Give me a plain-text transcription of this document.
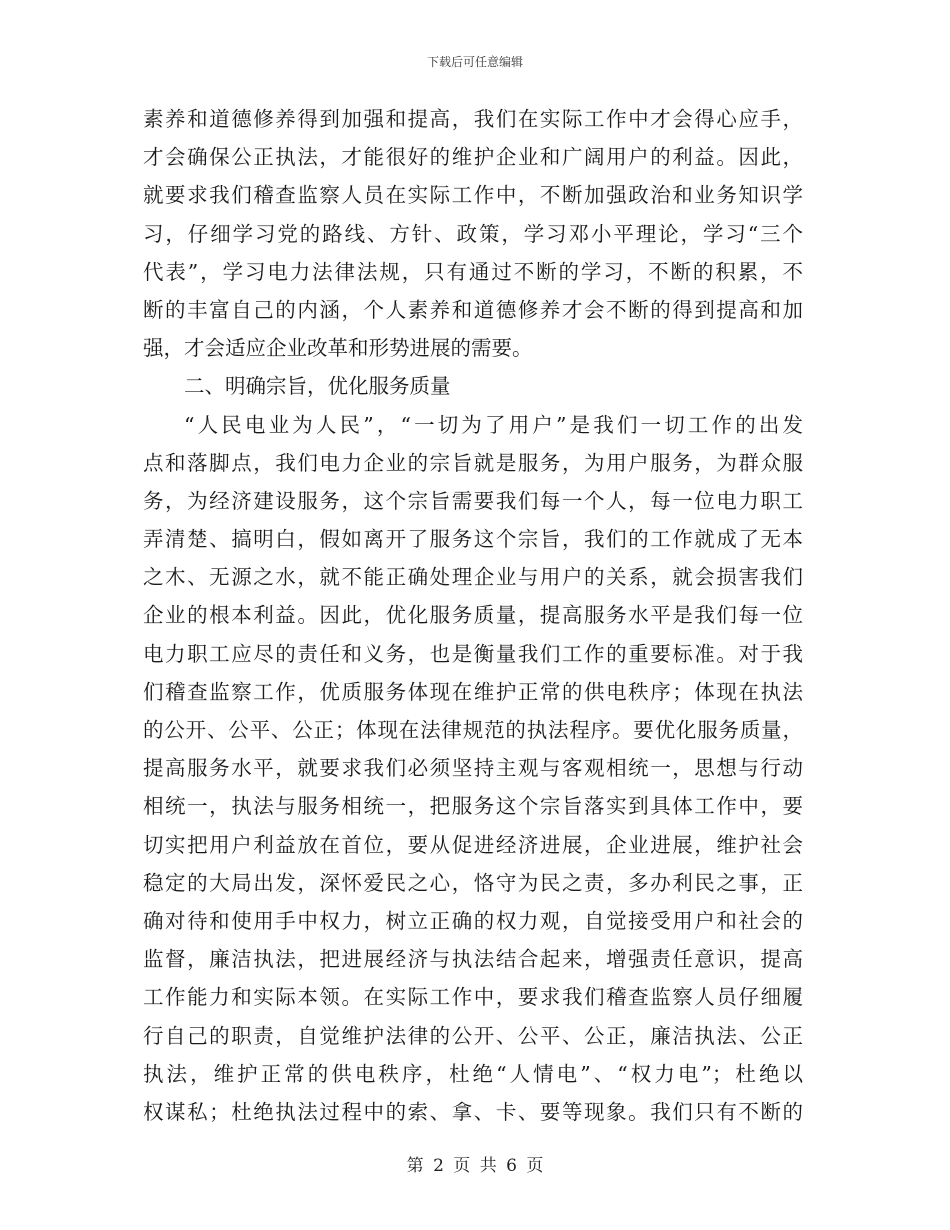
下载后可任意编辑
素养和道德修养得到加强和提高，我们在实际工作中才会得心应手，
才会确保公正执法，才能很好的维护企业和广阔用户的利益。因此，
就要求我们稽查监察人员在实际工作中，不断加强政治和业务知识学
习，仔细学习党的路线、方针、政策，学习邓小平理论，学习“三个
代表”，学习电力法律法规，只有通过不断的学习，不断的积累，不
断的丰富自己的内涵，个人素养和道德修养才会不断的得到提高和加
强，才会适应企业改革和形势进展的需要。
二、明确宗旨，优化服务质量
“人民电业为人民”，“一切为了用户”是我们一切工作的出发
点和落脚点，我们电力企业的宗旨就是服务，为用户服务，为群众服
务，为经济建设服务，这个宗旨需要我们每一个人，每一位电力职工
弄清楚、搞明白，假如离开了服务这个宗旨，我们的工作就成了无本
之木、无源之水，就不能正确处理企业与用户的关系，就会损害我们
企业的根本利益。因此，优化服务质量，提高服务水平是我们每一位
电力职工应尽的责任和义务，也是衡量我们工作的重要标准。对于我
们稽查监察工作，优质服务体现在维护正常的供电秩序；体现在执法
的公开、公平、公正；体现在法律规范的执法程序。要优化服务质量，
提高服务水平，就要求我们必须坚持主观与客观相统一，思想与行动
相统一，执法与服务相统一，把服务这个宗旨落实到具体工作中，要
切实把用户利益放在首位，要从促进经济进展，企业进展，维护社会
稳定的大局出发，深怀爱民之心，恪守为民之责，多办利民之事，正
确对待和使用手中权力，树立正确的权力观，自觉接受用户和社会的
监督，廉洁执法，把进展经济与执法结合起来，增强责任意识，提高
工作能力和实际本领。在实际工作中，要求我们稽查监察人员仔细履
行自己的职责，自觉维护法律的公开、公平、公正，廉洁执法、公正
执法，维护正常的供电秩序，杜绝“人情电”、“权力电”；杜绝以
权谋私；杜绝执法过程中的索、拿、卡、要等现象。我们只有不断的
第 2 页 共 6 页
